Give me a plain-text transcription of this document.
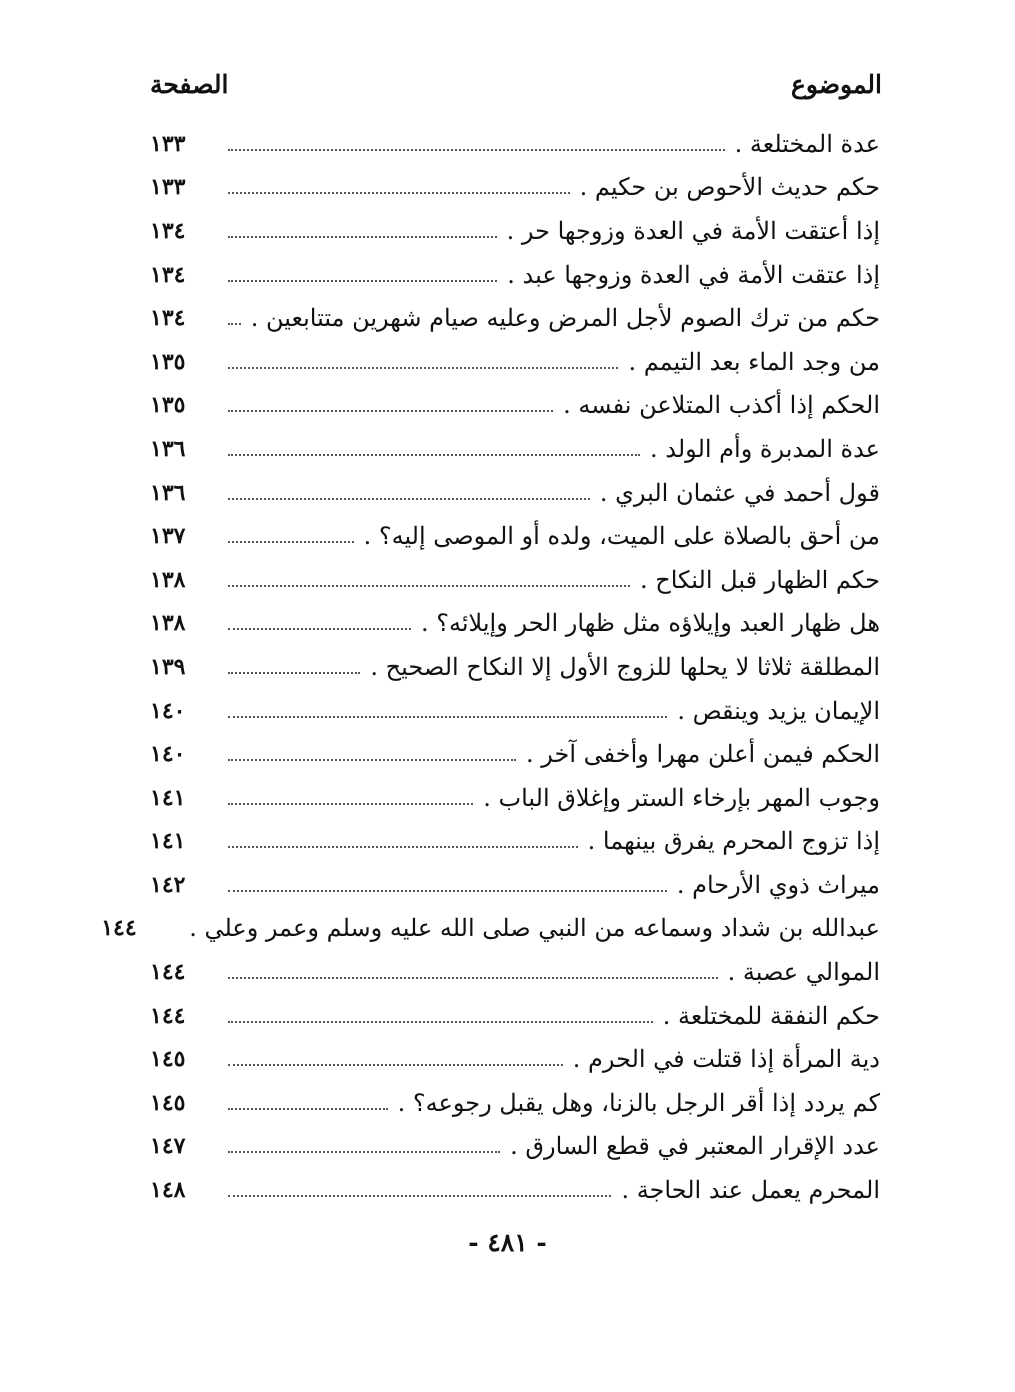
الموضوع
الصفحة
عدة المختلعة .
١٣٣
حكم حديث الأحوص بن حكيم .
١٣٣
إذا أعتقت الأمة في العدة وزوجها حر .
١٣٤
إذا عتقت الأمة في العدة وزوجها عبد .
١٣٤
حكم من ترك الصوم لأجل المرض وعليه صيام شهرين متتابعين .
١٣٤
من وجد الماء بعد التيمم .
١٣٥
الحكم إذا أكذب المتلاعن نفسه .
١٣٥
عدة المدبرة وأم الولد .
١٣٦
قول أحمد في عثمان البري .
١٣٦
من أحق بالصلاة على الميت، ولده أو الموصى إليه؟ .
١٣٧
حكم الظهار قبل النكاح .
١٣٨
هل ظهار العبد وإيلاؤه مثل ظهار الحر وإيلائه؟ .
١٣٨
المطلقة ثلاثا لا يحلها للزوج الأول إلا النكاح الصحيح .
١٣٩
الإيمان يزيد وينقص .
١٤٠
الحكم فيمن أعلن مهرا وأخفى آخر .
١٤٠
وجوب المهر بإرخاء الستر وإغلاق الباب .
١٤١
إذا تزوج المحرم يفرق بينهما .
١٤١
ميراث ذوي الأرحام .
١٤٢
عبدالله بن شداد وسماعه من النبي صلى الله عليه وسلم وعمر وعلي .
١٤٤
الموالي عصبة .
١٤٤
حكم النفقة للمختلعة .
١٤٤
دية المرأة إذا قتلت في الحرم .
١٤٥
كم يردد إذا أقر الرجل بالزنا، وهل يقبل رجوعه؟ .
١٤٥
عدد الإقرار المعتبر في قطع السارق .
١٤٧
المحرم يعمل عند الحاجة .
١٤٨
- ٤٨١ -
